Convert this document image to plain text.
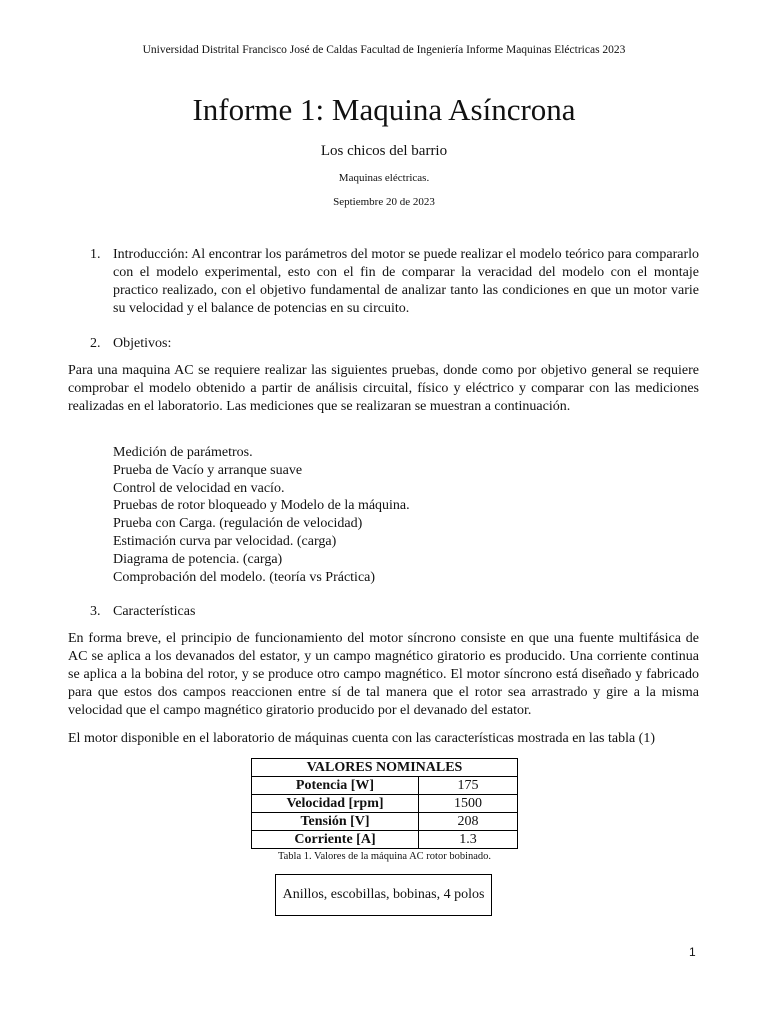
Universidad Distrital Francisco José de Caldas Facultad de Ingeniería Informe Maquinas Eléctricas 2023
Informe 1: Maquina Asíncrona
Los chicos del barrio
Maquinas eléctricas.
Septiembre 20 de 2023
1. Introducción: Al encontrar los parámetros del motor se puede realizar el modelo teórico para compararlo con el modelo experimental, esto con el fin de comparar la veracidad del modelo con el montaje practico realizado, con el objetivo fundamental de analizar tanto las condiciones en que un motor varie su velocidad y el balance de potencias en su circuito.
2. Objetivos:
Para una maquina AC se requiere realizar las siguientes pruebas, donde como por objetivo general se requiere comprobar el modelo obtenido a partir de análisis circuital, físico y eléctrico y comparar con las mediciones realizadas en el laboratorio. Las mediciones que se realizaran se muestran a continuación.
Medición de parámetros.
Prueba de Vacío y arranque suave
Control de velocidad en vacío.
Pruebas de rotor bloqueado y Modelo de la máquina.
Prueba con Carga. (regulación de velocidad)
Estimación curva par velocidad. (carga)
Diagrama de potencia. (carga)
Comprobación del modelo. (teoría vs Práctica)
3. Características
En forma breve, el principio de funcionamiento del motor síncrono consiste en que una fuente multifásica de AC se aplica a los devanados del estator, y un campo magnético giratorio es producido. Una corriente continua se aplica a la bobina del rotor, y se produce otro campo magnético. El motor síncrono está diseñado y fabricado para que estos dos campos reaccionen entre sí de tal manera que el rotor sea arrastrado y gire a la misma velocidad que el campo magnético giratorio producido por el devanado del estator.
El motor disponible en el laboratorio de máquinas cuenta con las características mostrada en las tabla (1)
VALORES NOMINALES	
Potencia [W]	175
Velocidad [rpm]	1500
Tensión [V]	208
Corriente [A]	1.3
Tabla 1. Valores de la máquina AC rotor bobinado.
Anillos, escobillas, bobinas, 4 polos
1
